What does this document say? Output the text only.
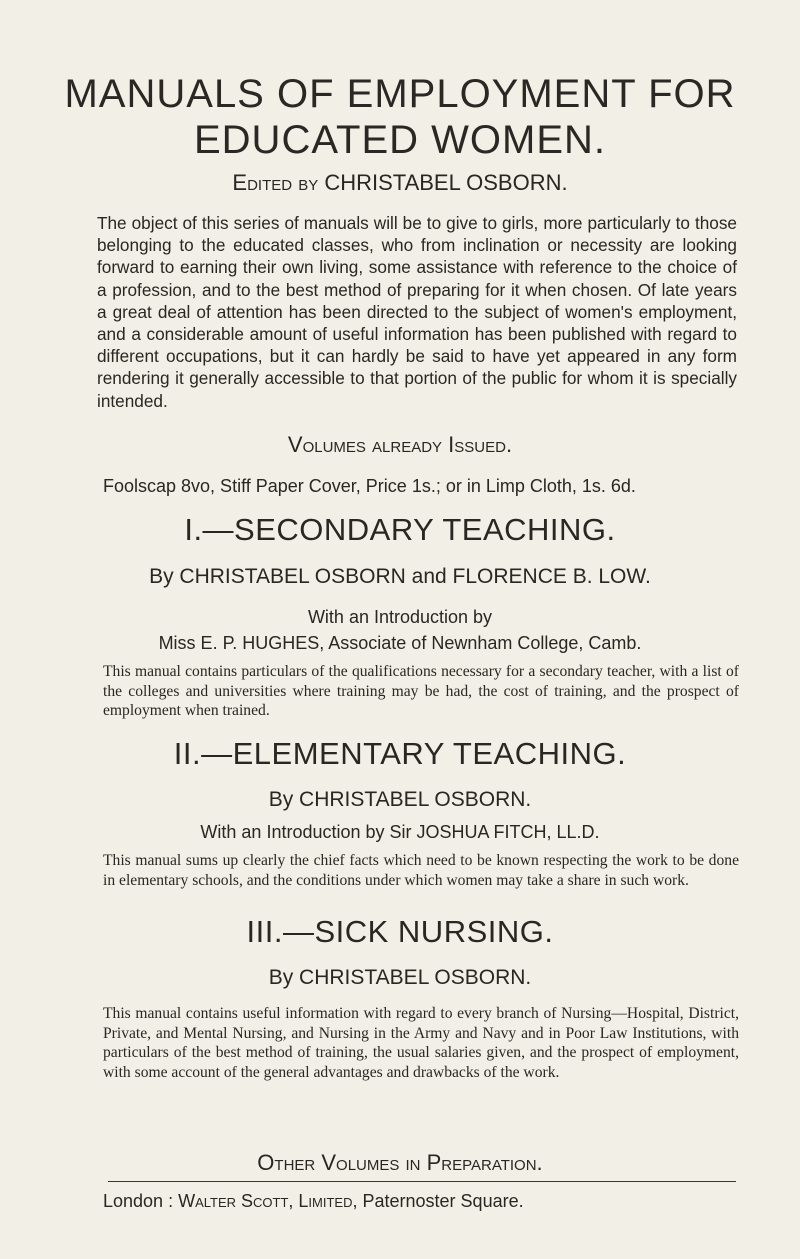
MANUALS OF EMPLOYMENT FOR
EDUCATED WOMEN.
Edited by CHRISTABEL OSBORN.

The object of this series of manuals will be to give to girls, more particularly to those belonging to the educated classes, who from inclination or necessity are looking forward to earning their own living, some assistance with reference to the choice of a profession, and to the best method of preparing for it when chosen. Of late years a great deal of attention has been directed to the subject of women's employment, and a considerable amount of useful information has been published with regard to different occupations, but it can hardly be said to have yet appeared in any form rendering it generally accessible to that portion of the public for whom it is specially intended.

Volumes already Issued.
Foolscap 8vo, Stiff Paper Cover, Price 1s.; or in Limp Cloth, 1s. 6d.
I.—SECONDARY TEACHING.
By CHRISTABEL OSBORN and FLORENCE B. LOW.
With an Introduction by
Miss E. P. HUGHES, Associate of Newnham College, Camb.

This manual contains particulars of the qualifications necessary for a secondary teacher, with a list of the colleges and universities where training may be had, the cost of training, and the prospect of employment when trained.

II.—ELEMENTARY TEACHING.
By CHRISTABEL OSBORN.
With an Introduction by Sir JOSHUA FITCH, LL.D.

This manual sums up clearly the chief facts which need to be known respecting the work to be done in elementary schools, and the conditions under which women may take a share in such work.

III.—SICK NURSING.
By CHRISTABEL OSBORN.

This manual contains useful information with regard to every branch of Nursing—Hospital, District, Private, and Mental Nursing, and Nursing in the Army and Navy and in Poor Law Institutions, with particulars of the best method of training, the usual salaries given, and the prospect of employment, with some account of the general advantages and drawbacks of the work.

Other Volumes in Preparation.
London : Walter Scott, Limited, Paternoster Square.
